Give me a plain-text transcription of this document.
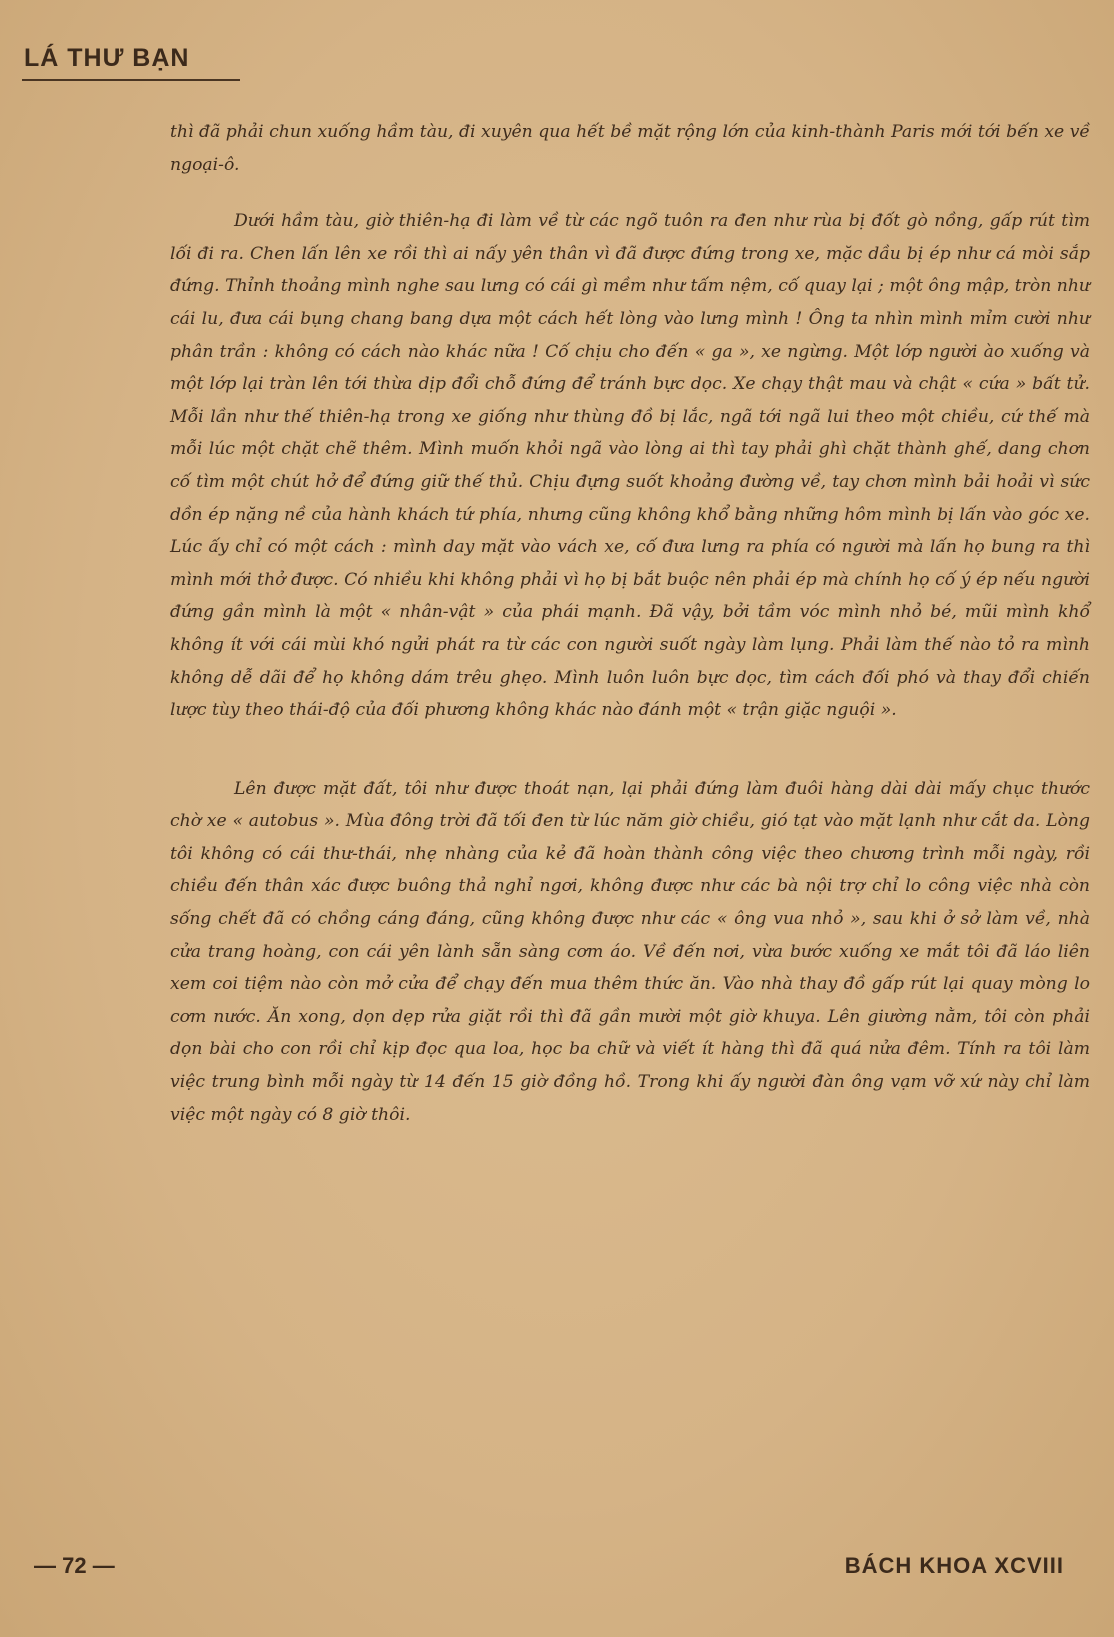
LÁ THƯ BẠN

thì đã phải chun xuống hầm tàu, đi xuyên qua hết bề mặt rộng lớn của kinh-thành Paris mới tới bến xe về ngoại-ô.

Dưới hầm tàu, giờ thiên-hạ đi làm về từ các ngõ tuôn ra đen như rùa bị đốt gò nồng, gấp rút tìm lối đi ra. Chen lấn lên xe rồi thì ai nấy yên thân vì đã được đứng trong xe, mặc dầu bị ép như cá mòi sắp đứng. Thỉnh thoảng mình nghe sau lưng có cái gì mềm như tấm nệm, cố quay lại ; một ông mập, tròn như cái lu, đưa cái bụng chang bang dựa một cách hết lòng vào lưng mình ! Ông ta nhìn mình mỉm cười như phân trần : không có cách nào khác nữa ! Cố chịu cho đến « ga », xe ngừng. Một lớp người ào xuống và một lớp lại tràn lên tới thừa dịp đổi chỗ đứng để tránh bực dọc. Xe chạy thật mau và chật « cứa » bất tử. Mỗi lần như thế thiên-hạ trong xe giống như thùng đồ bị lắc, ngã tới ngã lui theo một chiều, cứ thế mà mỗi lúc một chặt chẽ thêm. Mình muốn khỏi ngã vào lòng ai thì tay phải ghì chặt thành ghế, dang chơn cố tìm một chút hở để đứng giữ thế thủ. Chịu đựng suốt khoảng đường về, tay chơn mình bải hoải vì sức dồn ép nặng nề của hành khách tứ phía, nhưng cũng không khổ bằng những hôm mình bị lấn vào góc xe. Lúc ấy chỉ có một cách : mình day mặt vào vách xe, cố đưa lưng ra phía có người mà lấn họ bung ra thì mình mới thở được. Có nhiều khi không phải vì họ bị bắt buộc nên phải ép mà chính họ cố ý ép nếu người đứng gần mình là một « nhân-vật » của phái mạnh. Đã vậy, bởi tầm vóc mình nhỏ bé, mũi mình khổ không ít với cái mùi khó ngửi phát ra từ các con người suốt ngày làm lụng. Phải làm thế nào tỏ ra mình không dễ dãi để họ không dám trêu ghẹo. Mình luôn luôn bực dọc, tìm cách đối phó và thay đổi chiến lược tùy theo thái-độ của đối phương không khác nào đánh một « trận giặc nguội ».

Lên được mặt đất, tôi như được thoát nạn, lại phải đứng làm đuôi hàng dài dài mấy chục thước chờ xe « autobus ». Mùa đông trời đã tối đen từ lúc năm giờ chiều, gió tạt vào mặt lạnh như cắt da. Lòng tôi không có cái thư-thái, nhẹ nhàng của kẻ đã hoàn thành công việc theo chương trình mỗi ngày, rồi chiều đến thân xác được buông thả nghỉ ngơi, không được như các bà nội trợ chỉ lo công việc nhà còn sống chết đã có chồng cáng đáng, cũng không được như các « ông vua nhỏ », sau khi ở sở làm về, nhà cửa trang hoàng, con cái yên lành sẵn sàng cơm áo. Về đến nơi, vừa bước xuống xe mắt tôi đã láo liên xem coi tiệm nào còn mở cửa để chạy đến mua thêm thức ăn. Vào nhà thay đồ gấp rút lại quay mòng lo cơm nước. Ăn xong, dọn dẹp rửa giặt rồi thì đã gần mười một giờ khuya. Lên giường nằm, tôi còn phải dọn bài cho con rồi chỉ kịp đọc qua loa, học ba chữ và viết ít hàng thì đã quá nửa đêm. Tính ra tôi làm việc trung bình mỗi ngày từ 14 đến 15 giờ đồng hồ. Trong khi ấy người đàn ông vạm vỡ xứ này chỉ làm việc một ngày có 8 giờ thôi.

— 72 —	BÁCH KHOA XCVIII
